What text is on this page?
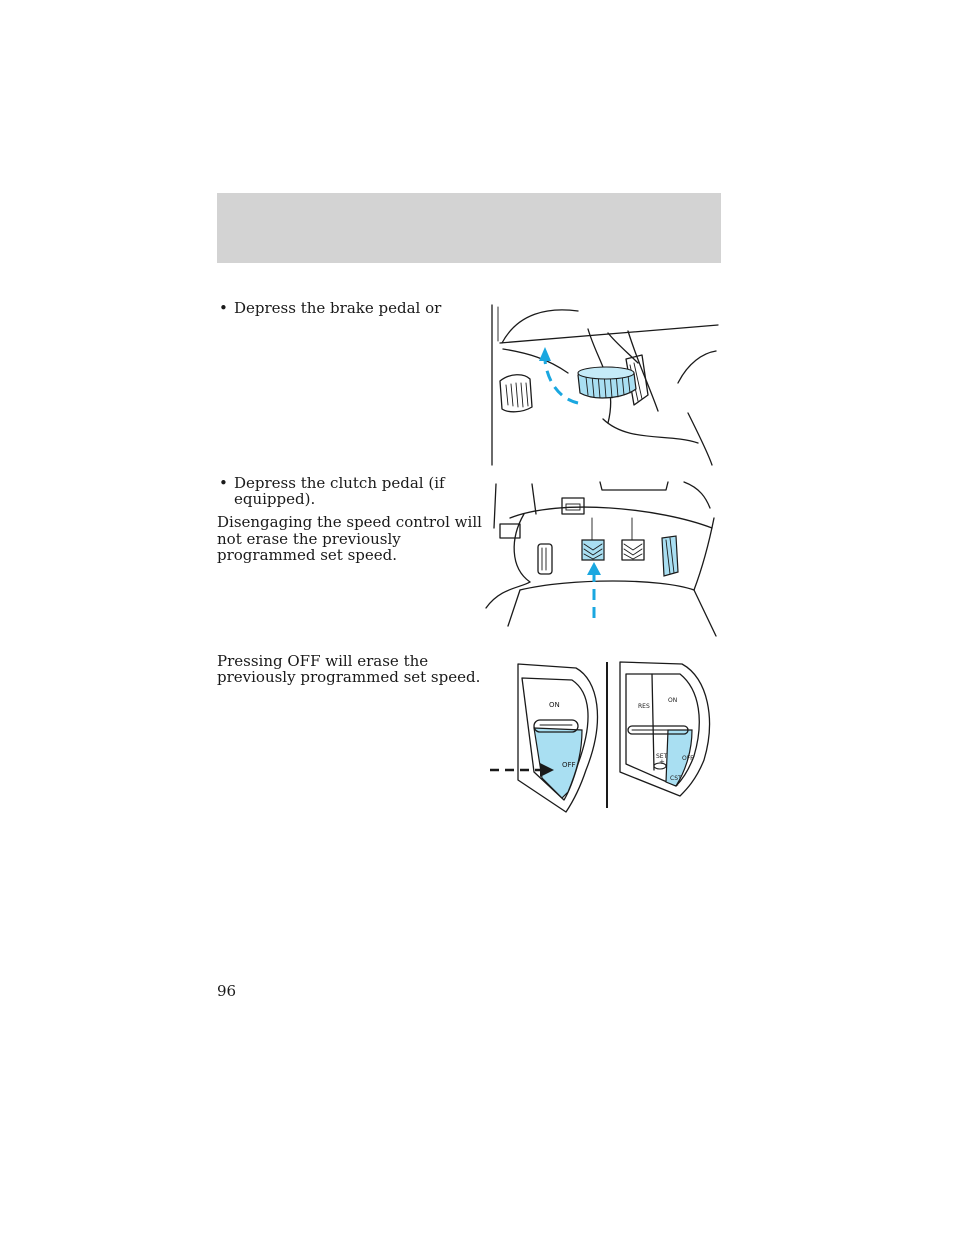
• Depress the brake pedal or
• Depress the clutch pedal (if
equipped).
Disengaging the speed control will
not erase the previously
programmed set speed.
Pressing OFF will erase the
previously programmed set speed.
96
ON
OFF
RES
ON
SET
+	OFF
CST
–
